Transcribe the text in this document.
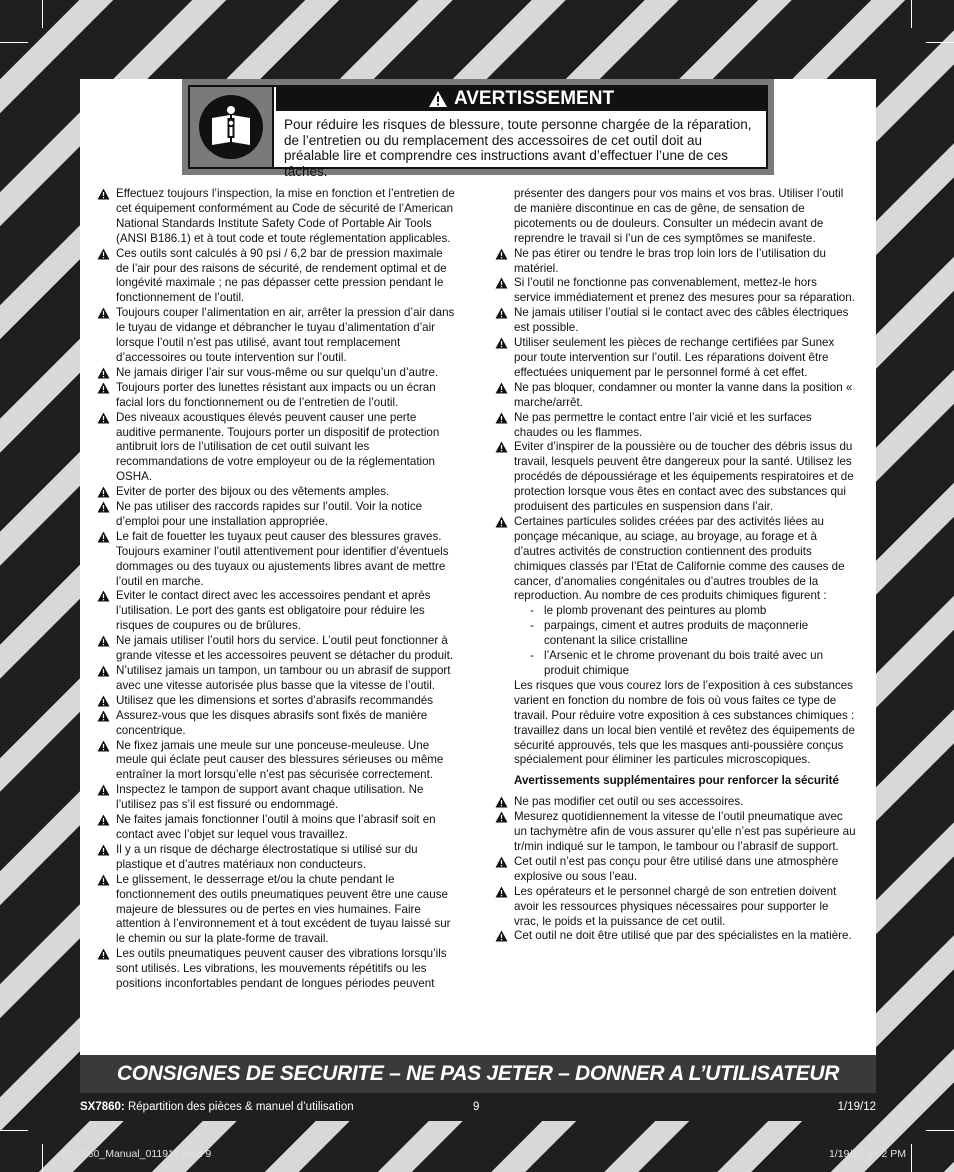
AVERTISSEMENT
Pour réduire les risques de blessure, toute personne chargée de la réparation, de l’entretien ou du remplacement des accessoires de cet outil doit au préalable lire et comprendre ces instructions avant d’effectuer l’une de ces tâches.
Effectuez toujours l’inspection, la mise en fonction et l’entretien de cet équipement conformément au Code de sécurité de l’American National Standards Institute Safety Code of Portable Air Tools (ANSI B186.1) et à tout code et toute réglementation applicables.
Ces outils sont calculés à 90 psi / 6,2 bar de pression maximale de l’air pour des raisons de sécurité, de rendement optimal et de longévité maximale ; ne pas dépasser cette pression pendant le fonctionnement de l’outil.
Toujours couper l’alimentation en air, arrêter la pression d’air dans le tuyau de vidange et débrancher le tuyau d’alimentation d’air lorsque l’outil n’est pas utilisé, avant tout remplacement d’accessoires ou toute intervention sur l’outil.
Ne jamais diriger l’air sur vous-même ou sur quelqu’un d’autre.
Toujours porter des lunettes résistant aux impacts ou un écran facial lors du fonctionnement ou de l’entretien de l’outil.
Des niveaux acoustiques élevés peuvent causer une perte auditive permanente. Toujours porter un dispositif de protection antibruit lors de l’utilisation de cet outil suivant les recommandations de votre employeur ou de la réglementation OSHA.
Eviter de porter des bijoux ou des vêtements amples.
Ne pas utiliser des raccords rapides sur l’outil. Voir la notice d’emploi pour une installation appropriée.
Le fait de fouetter les tuyaux peut causer des blessures graves. Toujours examiner l’outil attentivement pour identifier d’éventuels dommages ou des tuyaux ou ajustements libres avant de mettre l’outil en marche.
Eviter le contact direct avec les accessoires pendant et après l’utilisation. Le port des gants est obligatoire pour réduire les risques de coupures ou de brûlures.
Ne jamais utiliser l’outil hors du service. L’outil peut fonctionner à grande vitesse et les accessoires peuvent se détacher du produit.
N’utilisez jamais un tampon, un tambour ou un abrasif de support avec une vitesse autorisée plus basse que la vitesse de l’outil.
Utilisez que les dimensions et sortes d’abrasifs recommandés
Assurez-vous que les disques abrasifs sont fixés de manière concentrique.
Ne fixez jamais une meule sur une ponceuse-meuleuse. Une meule qui éclate peut causer des blessures sérieuses ou même entraîner la mort lorsqu’elle n’est pas sécurisée correctement.
Inspectez le tampon de support avant chaque utilisation. Ne l’utilisez pas s’il est fissuré ou endommagé.
Ne faites jamais fonctionner l’outil à moins que l’abrasif soit en contact avec l’objet sur lequel vous travaillez.
Il y a un risque de décharge électrostatique si utilisé sur du plastique et d’autres matériaux non conducteurs.
Le glissement, le desserrage et/ou la chute pendant le fonctionnement des outils pneumatiques peuvent être une cause majeure de blessures ou de pertes en vies humaines. Faire attention à l’environnement et à tout excédent de tuyau laissé sur le chemin ou sur la plate-forme de travail.
Les outils pneumatiques peuvent causer des vibrations lorsqu’ils sont utilisés. Les vibrations, les mouvements répétitifs ou les positions inconfortables pendant de longues périodes peuvent
présenter des dangers pour vos mains et vos bras. Utiliser l’outil de manière discontinue en cas de gêne, de sensation de picotements ou de douleurs. Consulter un médecin avant de reprendre le travail si l’un de ces symptômes se manifeste.
Ne pas étirer ou tendre le bras trop loin lors de l’utilisation du matériel.
Si l’outil ne fonctionne pas convenablement, mettez-le hors service immédiatement et prenez des mesures pour sa réparation.
Ne jamais utiliser l’outial si le contact avec des câbles électriques est possible.
Utiliser seulement les pièces de rechange certifiées par Sunex pour toute intervention sur l’outil. Les réparations doivent être effectuées uniquement par le personnel formé à cet effet.
Ne pas bloquer, condamner ou monter la vanne dans la position « marche/arrêt.
Ne pas permettre le contact entre l’air vicié et les surfaces chaudes ou les flammes.
Eviter d’inspirer de la poussière ou de toucher des débris issus du travail, lesquels peuvent être dangereux pour la santé. Utilisez les procédés de dépoussiérage et les équipements respiratoires et de protection lorsque vous êtes en contact avec des substances qui produisent des particules en suspension dans l’air.
Certaines particules solides créées par des activités liées au ponçage mécanique, au sciage, au broyage, au forage et à d’autres activités de construction contiennent des produits chimiques classés par l’Etat de Californie comme des causes de cancer, d’anomalies congénitales ou d’autres troubles de la reproduction. Au nombre de ces produits chimiques figurent :
- le plomb provenant des peintures au plomb
- parpaings, ciment et autres produits de maçonnerie contenant la silice cristalline
- l’Arsenic et le chrome provenant du bois traité avec un produit chimique
Les risques que vous courez lors de l’exposition à ces substances varient en fonction du nombre de fois où vous faites ce type de travail. Pour réduire votre exposition à ces substances chimiques : travaillez dans un local bien ventilé et revêtez des équipements de sécurité approuvés, tels que les masques anti-poussière conçus spécialement pour éliminer les particules microscopiques.
Avertissements supplémentaires pour renforcer la sécurité
Ne pas modifier cet outil ou ses accessoires.
Mesurez quotidiennement la vitesse de l’outil pneumatique avec un tachymètre afin de vous assurer qu’elle n’est pas supérieure au tr/min indiqué sur le tampon, le tambour ou l’abrasif de support.
Cet outil n’est pas conçu pour être utilisé dans une atmosphère explosive ou sous l’eau.
Les opérateurs et le personnel chargé de son entretien doivent avoir les ressources physiques nécessaires pour supporter le vrac, le poids et la puissance de cet outil.
Cet outil ne doit être utilisé que par des spécialistes en la matière.
CONSIGNES DE SECURITE – NE PAS JETER – DONNER A L’UTILISATEUR
SX7860: Répartition des pièces & manuel d’utilisation	9	1/19/12
SX7860_Manual_011912.indd 9	1/19/12 6:02 PM
